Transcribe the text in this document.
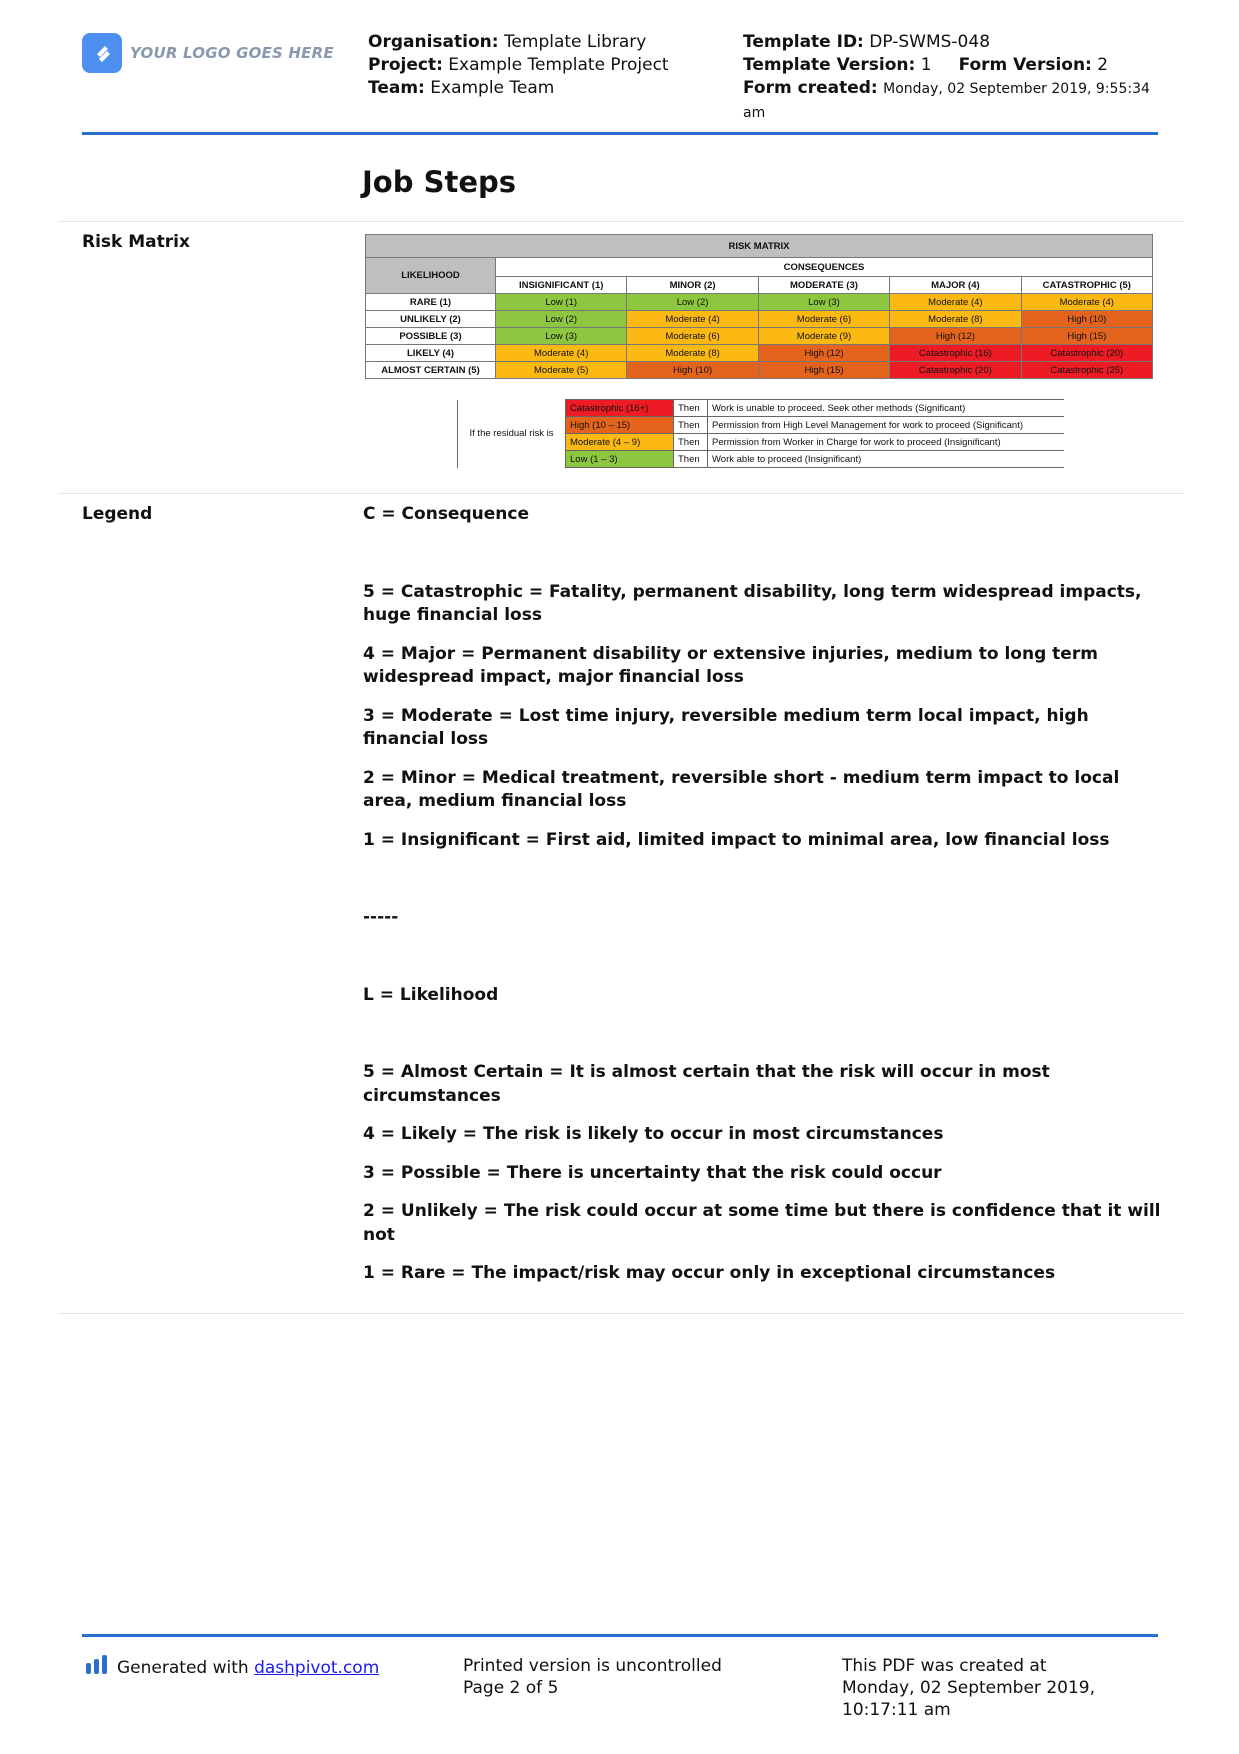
YOUR LOGO GOES HERE
Organisation: Template Library
Project: Example Template Project
Team: Example Team
Template ID: DP-SWMS-048
Template Version: 1 Form Version: 2
Form created: Monday, 02 September 2019, 9:55:34 am
Job Steps
Risk Matrix	RISK MATRIX					
LIKELIHOOD	CONSEQUENCES				
	INSIGNIFICANT (1)	MINOR (2)	MODERATE (3)	MAJOR (4)	CATASTROPHIC (5)
RARE (1)	Low (1)	Low (2)	Low (3)	Moderate (4)	Moderate (4)
UNLIKELY (2)	Low (2)	Moderate (4)	Moderate (6)	Moderate (8)	High (10)
POSSIBLE (3)	Low (3)	Moderate (6)	Moderate (9)	High (12)	High (15)
LIKELY (4)	Moderate (4)	Moderate (8)	High (12)	Catastrophic (16)	Catastrophic (20)
ALMOST CERTAIN (5)	Moderate (5)	High (10)	High (15)	Catastrophic (20)	Catastrophic (25)
If the residual risk is	Catastrophic (16+)	Then	Work is unable to proceed. Seek other methods (Significant)
	High (10 – 15)	Then	Permission from High Level Management for work to proceed (Significant)
	Moderate (4 – 9)	Then	Permission from Worker in Charge for work to proceed (Insignificant)
	Low (1 – 3)	Then	Work able to proceed (Insignificant)
Legend	C = Consequence

5 = Catastrophic = Fatality, permanent disability, long term widespread impacts, huge financial loss

4 = Major = Permanent disability or extensive injuries, medium to long term widespread impact, major financial loss

3 = Moderate = Lost time injury, reversible medium term local impact, high financial loss

2 = Minor = Medical treatment, reversible short - medium term impact to local area, medium financial loss

1 = Insignificant = First aid, limited impact to minimal area, low financial loss

-----

L = Likelihood

5 = Almost Certain = It is almost certain that the risk will occur in most circumstances

4 = Likely = The risk is likely to occur in most circumstances

3 = Possible = There is uncertainty that the risk could occur

2 = Unlikely = The risk could occur at some time but there is confidence that it will not

1 = Rare = The impact/risk may occur only in exceptional circumstances

Generated with dashpivot.com	Printed version is uncontrolled
Page 2 of 5
This PDF was created at
Monday, 02 September 2019,
10:17:11 am
